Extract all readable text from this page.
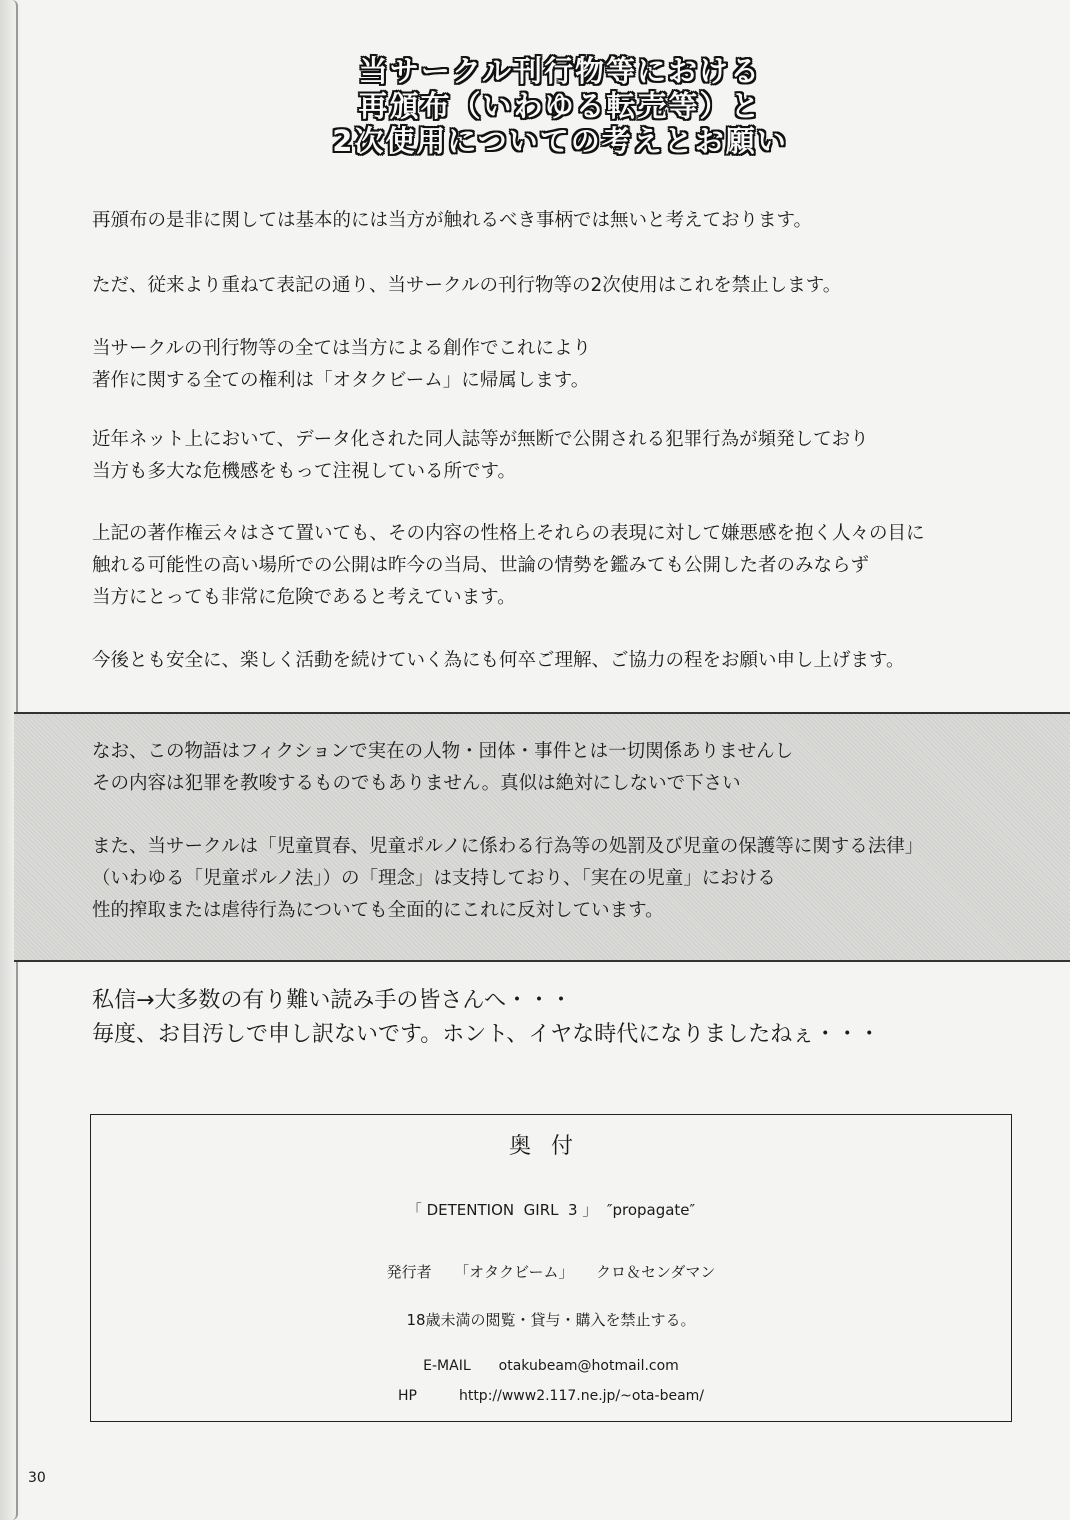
当サークル刊行物等における
再頒布（いわゆる転売等）と
2次使用についての考えとお願い
再頒布の是非に関しては基本的には当方が触れるべき事柄では無いと考えております。
ただ、従来より重ねて表記の通り、当サークルの刊行物等の2次使用はこれを禁止します。
当サークルの刊行物等の全ては当方による創作でこれにより
著作に関する全ての権利は「オタクビーム」に帰属します。
近年ネット上において、データ化された同人誌等が無断で公開される犯罪行為が頻発しており
当方も多大な危機感をもって注視している所です。
上記の著作権云々はさて置いても、その内容の性格上それらの表現に対して嫌悪感を抱く人々の目に
触れる可能性の高い場所での公開は昨今の当局、世論の情勢を鑑みても公開した者のみならず
当方にとっても非常に危険であると考えています。
今後とも安全に、楽しく活動を続けていく為にも何卒ご理解、ご協力の程をお願い申し上げます。
なお、この物語はフィクションで実在の人物・団体・事件とは一切関係ありませんし
その内容は犯罪を教唆するものでもありません。真似は絶対にしないで下さい
また、当サークルは「児童買春、児童ポルノに係わる行為等の処罰及び児童の保護等に関する法律」
（いわゆる「児童ポルノ法」）の「理念」は支持しており、「実在の児童」における
性的搾取または虐待行為についても全面的にこれに反対しています。
私信→大多数の有り難い読み手の皆さんへ・・・
毎度、お目汚しで申し訳ないです。ホント、イヤな時代になりましたねぇ・・・
奥付
「 DETENTION  GIRL  3 」  ″propagate″
発行者　　「オタクビーム」　　クロ＆センダマン
18歳未満の閲覧・貸与・購入を禁止する。
E-MAIL　　otakubeam@hotmail.com
HP　　　http://www2.117.ne.jp/~ota-beam/
30
